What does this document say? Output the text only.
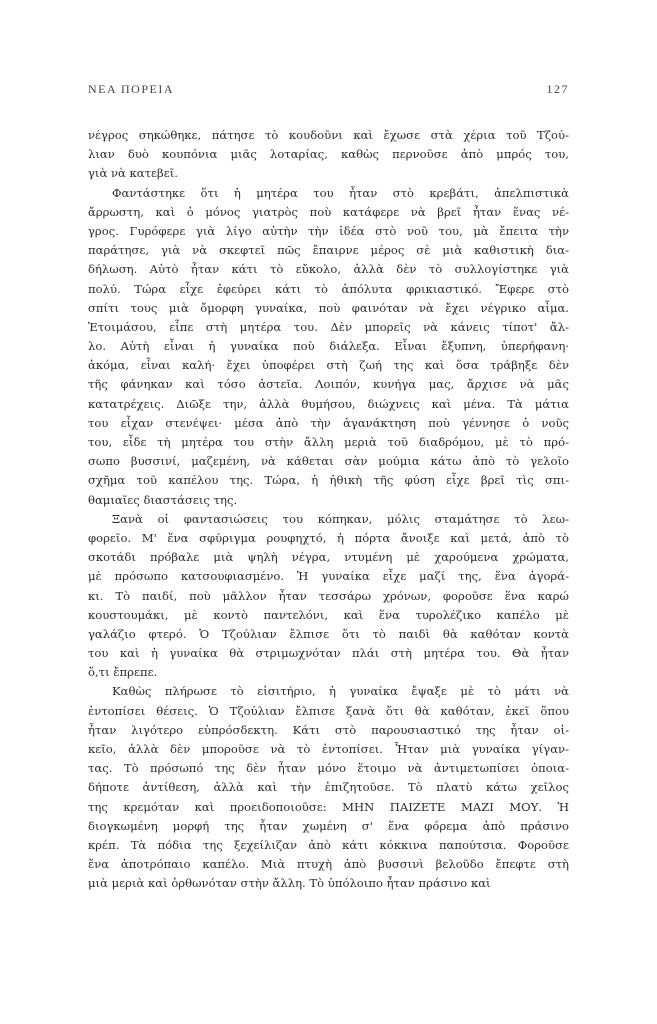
ΝΕΑ ΠΟΡΕΙΑ	127
νέγρος σηκώθηκε, πάτησε τὸ κουδοῦνι καὶ ἔχωσε στὰ χέρια τοῦ Τζού-
λιαν δυὸ κουπόνια μιᾶς λοταρίας, καθὼς περνοῦσε ἀπὸ μπρός του,
γιὰ νὰ κατεβεῖ.
Φαντάστηκε ὅτι ἡ μητέρα του ἦταν στὸ κρεβάτι, ἀπελπιστικὰ
ἄρρωστη, καὶ ὁ μόνος γιατρὸς ποὺ κατάφερε νὰ βρεῖ ἦταν ἕνας νέ-
γρος. Γυρόφερε γιὰ λίγο αὐτὴν τὴν ἰδέα στὸ νοῦ του, μὰ ἔπειτα τὴν
παράτησε, γιὰ νὰ σκεφτεῖ πῶς ἔπαιρνε μέρος σὲ μιὰ καθιστικὴ δια-
δήλωση. Αὐτὸ ἦταν κάτι τὸ εὔκολο, ἀλλὰ δὲν τὸ συλλογίστηκε γιὰ
πολύ. Τώρα εἶχε ἐφεύρει κάτι τὸ ἀπόλυτα φρικιαστικό. Ἔφερε στὸ
σπίτι τους μιὰ ὄμορφη γυναίκα, ποὺ φαινόταν νὰ ἔχει νέγρικο αἷμα.
Ἑτοιμάσου, εἶπε στὴ μητέρα του. Δὲν μπορεῖς νὰ κάνεις τίποτ' ἄλ-
λο. Αὐτὴ εἶναι ἡ γυναίκα ποὺ διάλεξα. Εἶναι ἔξυπνη, ὑπερήφανη·
ἀκόμα, εἶναι καλή· ἔχει ὑποφέρει στὴ ζωή της καὶ ὅσα τράβηξε δὲν
τῆς φάνηκαν καὶ τόσο ἀστεῖα. Λοιπόν, κυνήγα μας, ἄρχισε νὰ μᾶς
κατατρέχεις. Διῶξε την, ἀλλὰ θυμήσου, διώχνεις καὶ μένα. Τὰ μάτια
του εἶχαν στενέψει· μέσα ἀπὸ τὴν ἀγανάκτηση ποὺ γέννησε ὁ νοῦς
του, εἶδε τὴ μητέρα του στὴν ἄλλη μεριὰ τοῦ διαδρόμου, μὲ τὸ πρό-
σωπο βυσσινί, μαζεμένη, νὰ κάθεται σὰν μούμια κάτω ἀπὸ τὸ γελοῖο
σχῆμα τοῦ καπέλου της. Τώρα, ἡ ἠθικὴ τῆς φύση εἶχε βρεῖ τὶς σπι-
θαμιαῖες διαστάσεις της.
Ξανὰ οἱ φαντασιώσεις του κόπηκαν, μόλις σταμάτησε τὸ λεω-
φορεῖο. Μ' ἕνα σφύριγμα ρουφηχτό, ἡ πόρτα ἄνοιξε καὶ μετά, ἀπὸ τὸ
σκοτάδι πρόβαλε μιὰ ψηλὴ νέγρα, ντυμένη μὲ χαρούμενα χρώματα,
μὲ πρόσωπο κατσουφιασμένο. Ἡ γυναίκα εἶχε μαζί της, ἕνα ἀγορά-
κι. Τὸ παιδί, ποὺ μᾶλλον ἦταν τεσσάρω χρόνων, φοροῦσε ἕνα καρώ
κουστουμάκι, μὲ κοντὸ παντελόνι, καὶ ἕνα τυρολέζικο καπέλο μὲ
γαλάζιο φτερό. Ὁ Τζούλιαν ἔλπισε ὅτι τὸ παιδὶ θὰ καθόταν κοντὰ
του καὶ ἡ γυναίκα θὰ στριμωχνόταν πλάι στὴ μητέρα του. Θὰ ἦταν
ὅ,τι ἔπρεπε.
Καθὼς πλήρωσε τὸ εἰσιτήριο, ἡ γυναίκα ἔψαξε μὲ τὸ μάτι νὰ
ἐντοπίσει θέσεις. Ὁ Τζούλιαν ἔλπισε ξανὰ ὅτι θὰ καθόταν, ἐκεῖ ὅπου
ἦταν λιγότερο εὐπρόσδεκτη. Κάτι στὸ παρουσιαστικό της ἦταν οἰ-
κεῖο, ἀλλὰ δὲν μποροῦσε νὰ τὸ ἐντοπίσει. Ἦταν μιὰ γυναίκα γίγαν-
τας. Τὸ πρόσωπό της δὲν ἦταν μόνο ἕτοιμο νὰ ἀντιμετωπίσει ὁποια-
δήποτε ἀντίθεση, ἀλλὰ καὶ τὴν ἐπιζητοῦσε. Τὸ πλατὺ κάτω χεῖλος
της κρεμόταν καὶ προειδοποιοῦσε: ΜΗΝ ΠΑΙΖΕΤΕ ΜΑΖΙ ΜΟΥ. Ἡ
διογκωμένη μορφή της ἦταν χωμένη σ' ἕνα φόρεμα ἀπὸ πράσινο
κρέπ. Τὰ πόδια της ξεχείλιζαν ἀπὸ κάτι κόκκινα παπούτσια. Φοροῦσε
ἕνα ἀποτρόπαιο καπέλο. Μιὰ πτυχὴ ἀπὸ βυσσινὶ βελοῦδο ἔπεφτε στὴ
μιὰ μεριὰ καὶ ὀρθωνόταν στὴν ἄλλη. Τὸ ὑπόλοιπο ἦταν πράσινο καὶ
